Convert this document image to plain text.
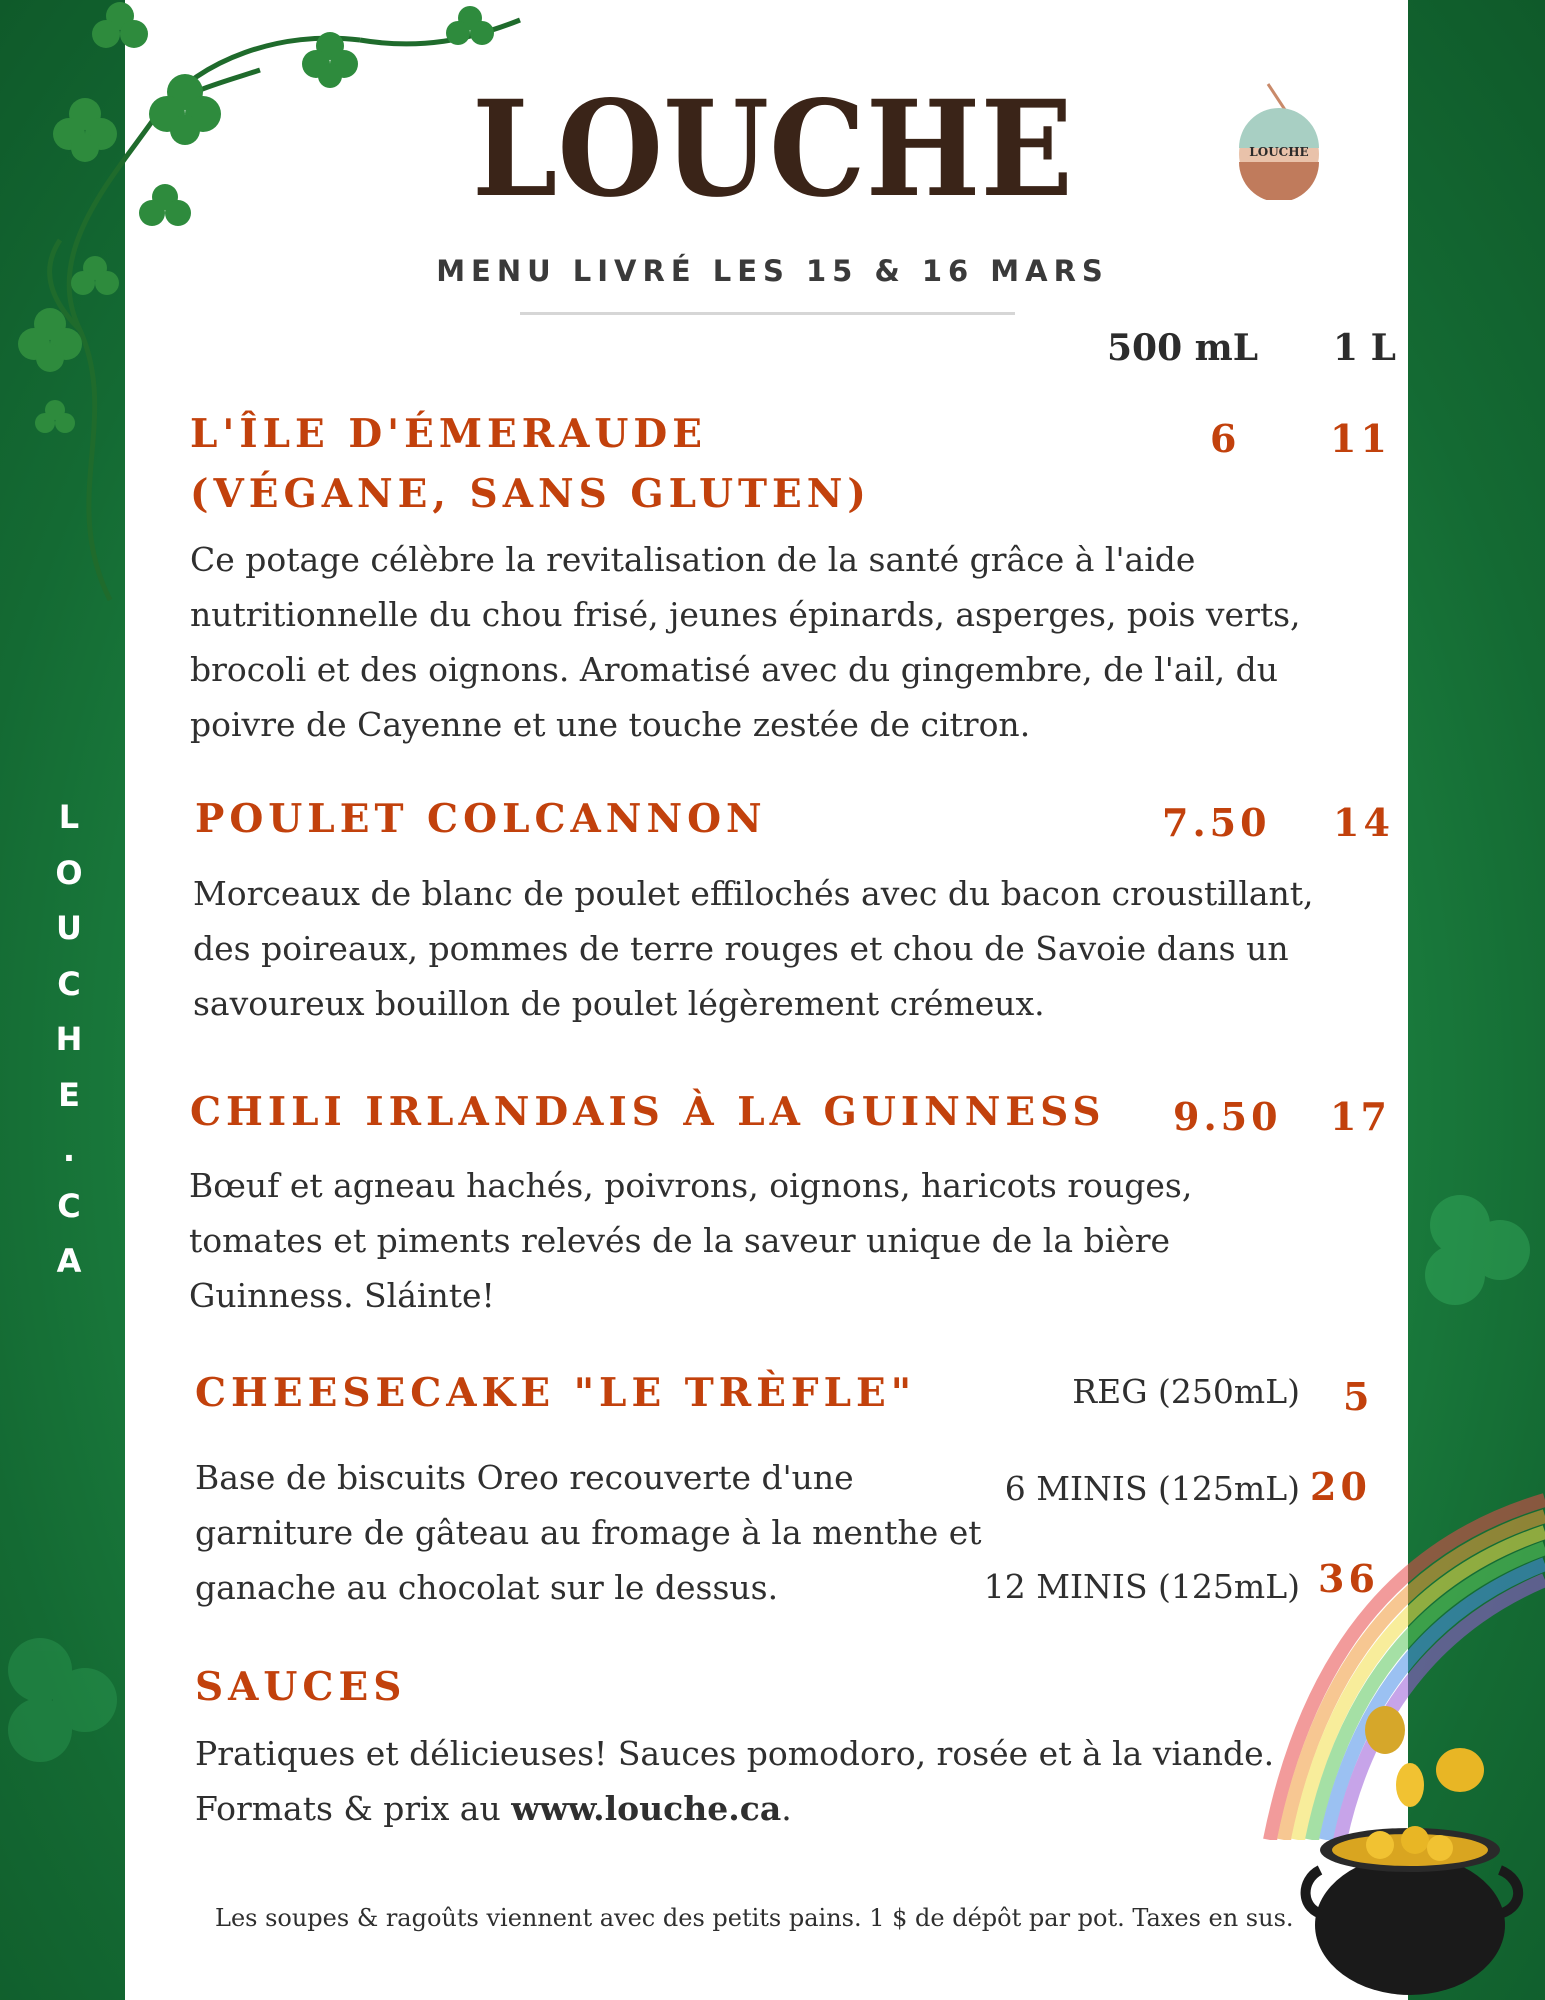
L
O
U
C
H
E
.
C
A
LOUCHE
MENU LIVRÉ LES 15 & 16 MARS
LOUCHE
500 mL 1 L
L'ÎLE D'ÉMERAUDE
(VÉGANE, SANS GLUTEN)
6 11
Ce potage célèbre la revitalisation de la santé grâce à l'aide
nutritionnelle du chou frisé, jeunes épinards, asperges, pois verts,
brocoli et des oignons. Aromatisé avec du gingembre, de l'ail, du
poivre de Cayenne et une touche zestée de citron.
POULET COLCANNON	7.50 14
Morceaux de blanc de poulet effilochés avec du bacon croustillant,
des poireaux, pommes de terre rouges et chou de Savoie dans un
savoureux bouillon de poulet légèrement crémeux.
CHILI IRLANDAIS À LA GUINNESS 9.50 17
Bœuf et agneau hachés, poivrons, oignons, haricots rouges,
tomates et piments relevés de la saveur unique de la bière
Guinness. Sláinte!
CHEESECAKE "LE TRÈFLE"	REG (250mL) 5
6 MINIS (125mL) 20
12 MINIS (125mL) 36
Base de biscuits Oreo recouverte d'une
garniture de gâteau au fromage à la menthe et
ganache au chocolat sur le dessus.
SAUCES
Pratiques et délicieuses! Sauces pomodoro, rosée et à la viande.
Formats & prix au www.louche.ca.
Les soupes & ragoûts viennent avec des petits pains. 1 $ de dépôt par pot. Taxes en sus.
